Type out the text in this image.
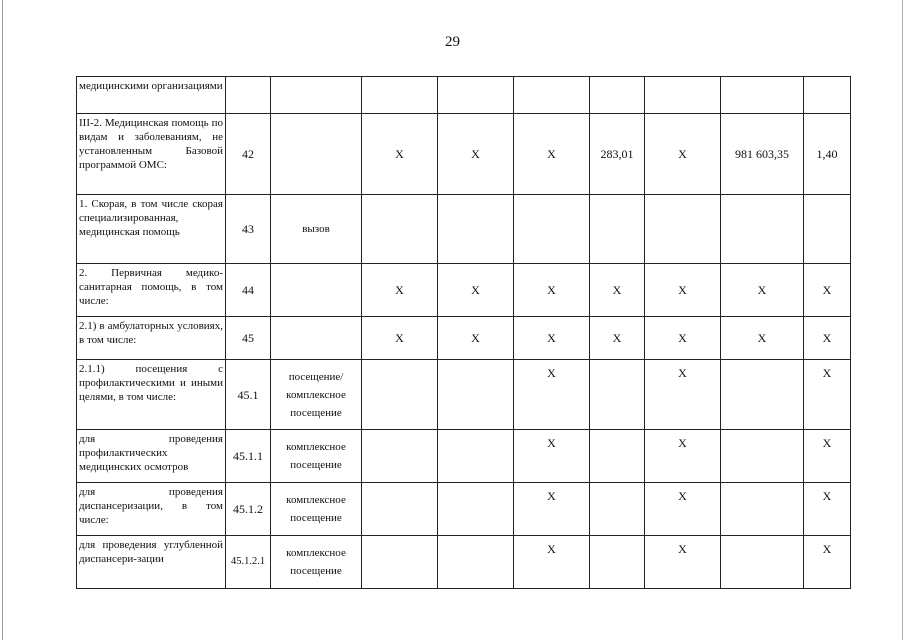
29
медицинскими организациями									

III-2. Медицинская помощь по видам и заболеваниям, не установленным Базовой программой ОМС:	42		X	X	X	283,01	X	981 603,35	1,40

1. Скорая, в том числе скорая специализированная, медицинская помощь	43	вызов							

2. Первичная медико-санитарная помощь, в том числе:	44		X	X	X	X	X	X	X

2.1) в амбулаторных условиях, в том числе:	45		X	X	X	X	X	X	X

2.1.1) посещения с профилактическими и иными целями, в том числе:	45.1	посещение/ комплексное посещение			X		X		X

для проведения профилактических медицинских осмотров	45.1.1	комплексное посещение			X		X		X

для проведения диспансеризации, в том числе:	45.1.2	комплексное посещение			X		X		X

для проведения углубленной диспансери-зации	45.1.2.1	комплексное посещение			X		X		X
